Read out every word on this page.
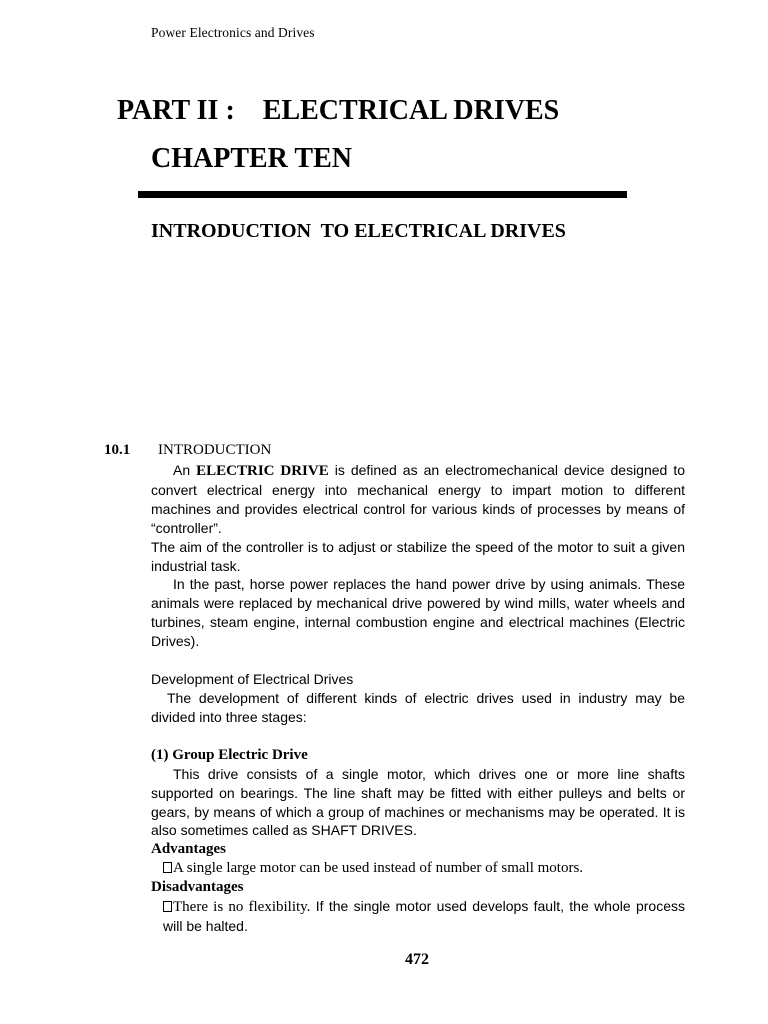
Power Electronics and Drives
PART II :    ELECTRICAL DRIVES
CHAPTER TEN
INTRODUCTION  TO ELECTRICAL DRIVES
10.1 INTRODUCTION

An ELECTRIC DRIVE is defined as an electromechanical device designed to convert electrical energy into mechanical energy to impart motion to different machines and provides electrical control for various kinds of processes by means of “controller”.

The aim of the controller is to adjust or stabilize the speed of the motor to suit a given industrial task.

In the past, horse power replaces the hand power drive by using animals. These animals were replaced by mechanical drive powered by wind mills, water wheels and turbines, steam engine, internal combustion engine and electrical machines (Electric Drives).

Development of Electrical Drives

The development of different kinds of electric drives used in industry may be divided into three stages:

(1) Group Electric Drive

This drive consists of a single motor, which drives one or more line shafts supported on bearings. The line shaft may be fitted with either pulleys and belts or gears, by means of which a group of machines or mechanisms may be operated. It is also sometimes called as SHAFT DRIVES.

Advantages

A single large motor can be used instead of number of small motors.

Disadvantages

There is no flexibility. If the single motor used develops fault, the whole process will be halted.

472
